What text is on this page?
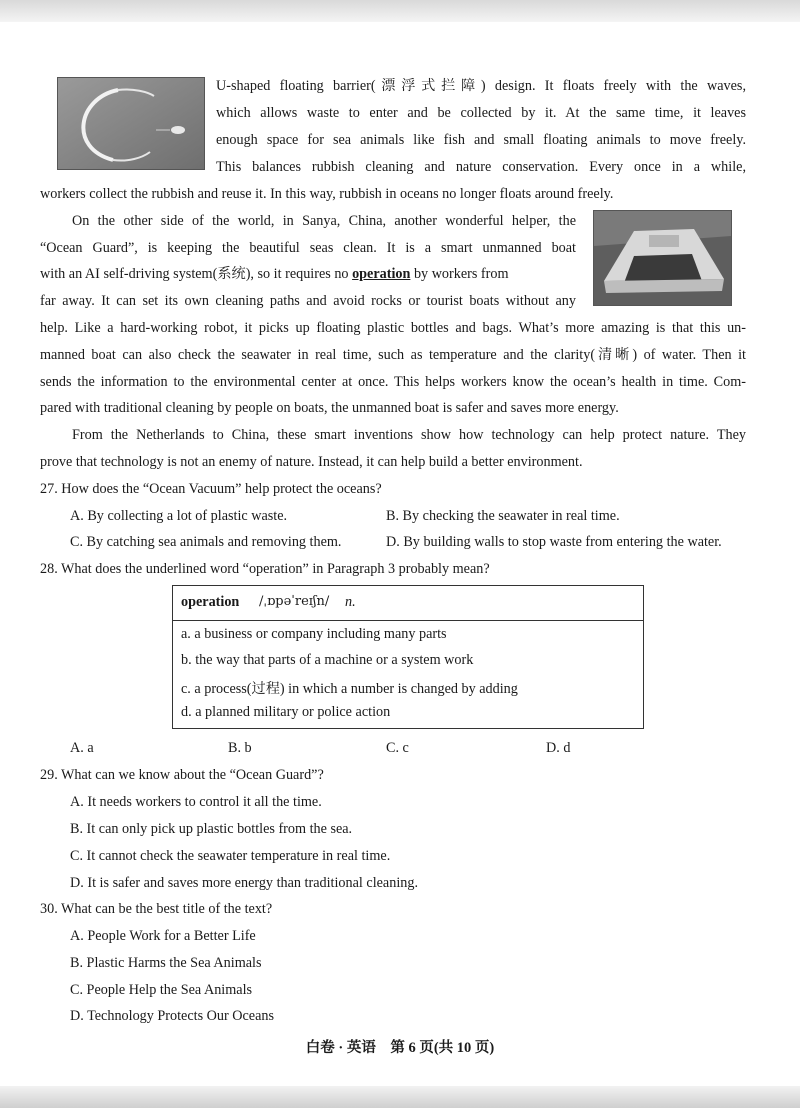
U-shaped floating barrier(漂浮式拦障) design. It floats freely with the waves,
which allows waste to enter and be collected by it. At the same time, it leaves
enough space for sea animals like fish and small floating animals to move freely.
This balances rubbish cleaning and nature conservation. Every once in a while,
workers collect the rubbish and reuse it. In this way, rubbish in oceans no longer floats around freely.
On the other side of the world, in Sanya, China, another wonderful helper, the
“Ocean Guard”, is keeping the beautiful seas clean. It is a smart unmanned boat
with an AI self-driving system(系统), so it requires no operation by workers from
far away. It can set its own cleaning paths and avoid rocks or tourist boats without any
help. Like a hard-working robot, it picks up floating plastic bottles and bags. What’s more amazing is that this un-
manned boat can also check the seawater in real time, such as temperature and the clarity(清晰) of water. Then it
sends the information to the environmental center at once. This helps workers know the ocean’s health in time. Com-
pared with traditional cleaning by people on boats, the unmanned boat is safer and saves more energy.
From the Netherlands to China, these smart inventions show how technology can help protect nature. They
prove that technology is not an enemy of nature. Instead, it can help build a better environment.
27. How does the “Ocean Vacuum” help protect the oceans?
A. By collecting a lot of plastic waste.	B. By checking the seawater in real time.
C. By catching sea animals and removing them.	D. By building walls to stop waste from entering the water.
28. What does the underlined word “operation” in Paragraph 3 probably mean?
operation /ˌɒpəˈreɪʃn/ n.
a. a business or company including many parts
b. the way that parts of a machine or a system work
c. a process(过程) in which a number is changed by adding
d. a planned military or police action
A. a	B. b	C. c	D. d
29. What can we know about the “Ocean Guard”?
A. It needs workers to control it all the time.
B. It can only pick up plastic bottles from the sea.
C. It cannot check the seawater temperature in real time.
D. It is safer and saves more energy than traditional cleaning.
30. What can be the best title of the text?
A. People Work for a Better Life
B. Plastic Harms the Sea Animals
C. People Help the Sea Animals
D. Technology Protects Our Oceans
白卷 · 英语　第 6 页(共 10 页)
